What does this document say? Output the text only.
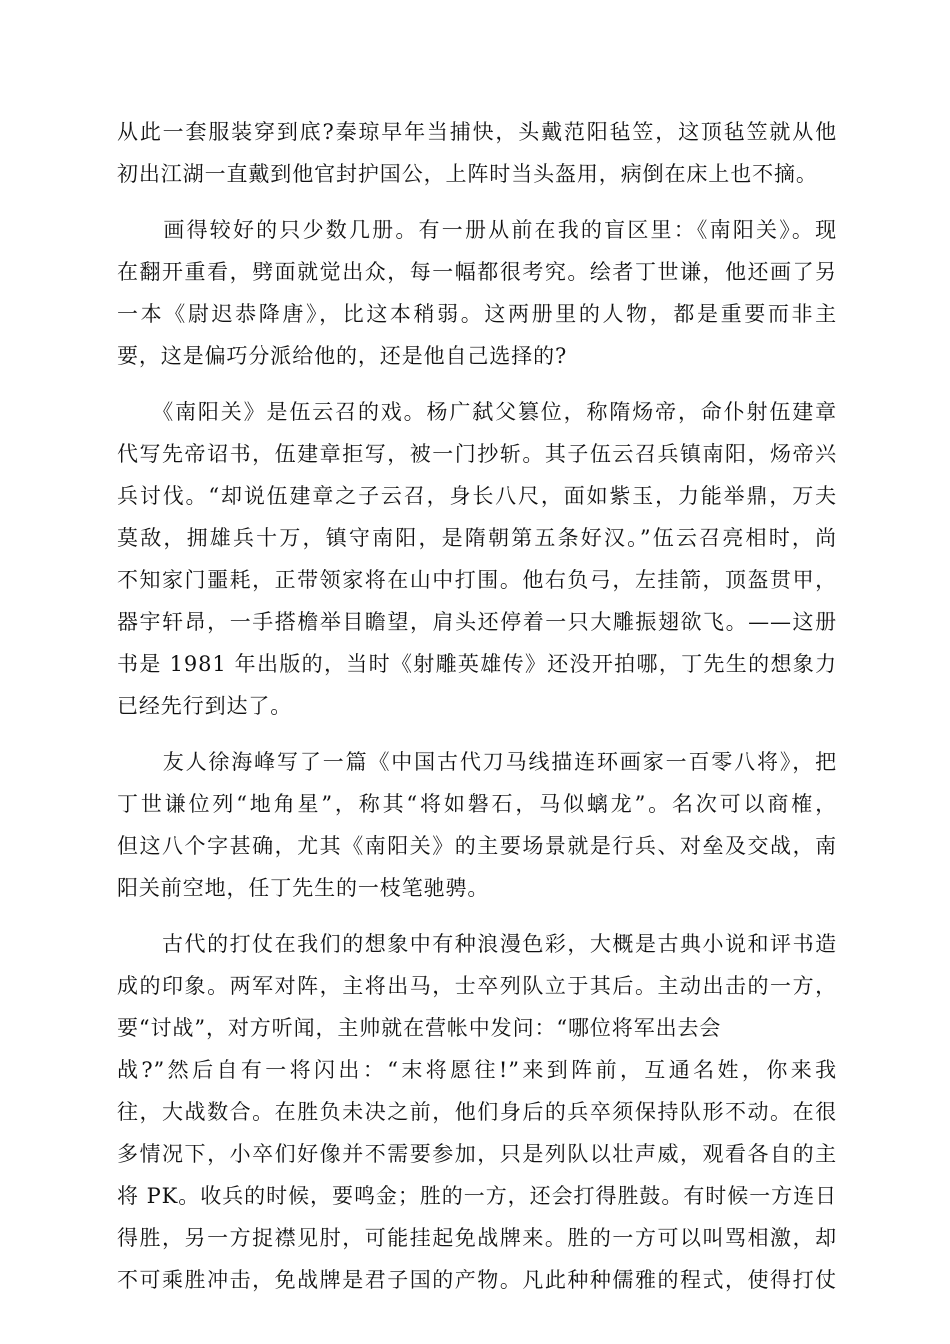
从此一套服装穿到底?秦琼早年当捕快，头戴范阳毡笠，这顶毡笠就从他
初出江湖一直戴到他官封护国公，上阵时当头盔用，病倒在床上也不摘。
　　画得较好的只少数几册。有一册从前在我的盲区里：《南阳关》。现
在翻开重看，劈面就觉出众，每一幅都很考究。绘者丁世谦，他还画了另
一本《尉迟恭降唐》，比这本稍弱。这两册里的人物，都是重要而非主
要，这是偏巧分派给他的，还是他自己选择的?
　　《南阳关》是伍云召的戏。杨广弑父篡位，称隋炀帝，命仆射伍建章
代写先帝诏书，伍建章拒写，被一门抄斩。其子伍云召兵镇南阳，炀帝兴
兵讨伐。“却说伍建章之子云召，身长八尺，面如紫玉，力能举鼎，万夫
莫敌，拥雄兵十万，镇守南阳，是隋朝第五条好汉。”伍云召亮相时，尚
不知家门噩耗，正带领家将在山中打围。他右负弓，左挂箭，顶盔贯甲，
器宇轩昂，一手搭檐举目瞻望，肩头还停着一只大雕振翅欲飞。——这册
书是 1981 年出版的，当时《射雕英雄传》还没开拍哪，丁先生的想象力
已经先行到达了。
　　友人徐海峰写了一篇《中国古代刀马线描连环画家一百零八将》，把
丁世谦位列“地角星”，称其“将如磐石，马似螭龙”。名次可以商榷，
但这八个字甚确，尤其《南阳关》的主要场景就是行兵、对垒及交战，南
阳关前空地，任丁先生的一枝笔驰骋。
　　古代的打仗在我们的想象中有种浪漫色彩，大概是古典小说和评书造
成的印象。两军对阵，主将出马，士卒列队立于其后。主动出击的一方，
要“讨战”，对方听闻，主帅就在营帐中发问：“哪位将军出去会
战?”然后自有一将闪出：“末将愿往!”来到阵前，互通名姓，你来我
往，大战数合。在胜负未决之前，他们身后的兵卒须保持队形不动。在很
多情况下，小卒们好像并不需要参加，只是列队以壮声威，观看各自的主
将 PK。收兵的时候，要鸣金；胜的一方，还会打得胜鼓。有时候一方连日
得胜，另一方捉襟见肘，可能挂起免战牌来。胜的一方可以叫骂相激，却
不可乘胜冲击，免战牌是君子国的产物。凡此种种儒雅的程式，使得打仗
